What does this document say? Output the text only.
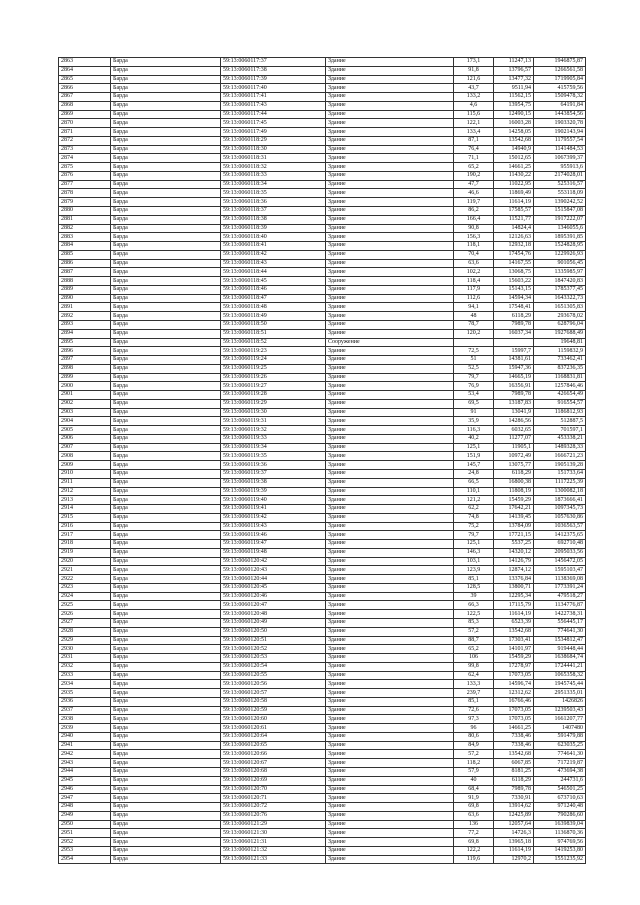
2863	Барда	59:13:0060117:37	Здание	173,1	11247,13	1946875,87
2864	Барда	59:13:0060117:38	Здание	91,8	13796,57	1266561,58
2865	Барда	59:13:0060117:39	Здание	121,6	13477,32	1719905,84
2866	Барда	59:13:0060117:40	Здание	43,7	9511,94	415759,56
2867	Барда	59:13:0060117:41	Здание	133,2	11562,15	1509478,32
2868	Барда	59:13:0060117:43	Здание	4,6	13954,75	64191,84
2869	Барда	59:13:0060117:44	Здание	115,6	12490,15	1443854,56
2870	Барда	59:13:0060117:45	Здание	122,1	16003,28	1903320,78
2871	Барда	59:13:0060117:49	Здание	133,4	14258,05	1902143,94
2872	Барда	59:13:0060118:29	Здание	87,1	13542,68	1179557,54
2873	Барда	59:13:0060118:30	Здание	76,4	14940,9	1141484,53
2874	Барда	59:13:0060118:31	Здание	71,1	15012,65	1067399,37
2875	Барда	59:13:0060118:32	Здание	65,2	14661,25	955913,6
2876	Барда	59:13:0060118:33	Здание	190,2	11430,22	2174028,01
2877	Барда	59:13:0060118:34	Здание	47,7	11022,95	525316,57
2878	Барда	59:13:0060118:35	Здание	46,6	11869,49	553118,09
2879	Барда	59:13:0060118:36	Здание	119,7	11614,19	1390242,52
2880	Барда	59:13:0060118:37	Здание	86,2	17585,57	1515847,08
2881	Барда	59:13:0060118:38	Здание	166,4	11521,77	1917222,07
2882	Барда	59:13:0060118:39	Здание	90,8	14824,4	1346055,6
2883	Барда	59:13:0060118:40	Здание	156,3	12126,63	1895391,85
2884	Барда	59:13:0060118:41	Здание	118,1	12932,18	1524828,95
2885	Барда	59:13:0060118:42	Здание	70,4	17454,76	1229926,93
2886	Барда	59:13:0060118:43	Здание	63,6	14167,55	901056,45
2887	Барда	59:13:0060118:44	Здание	102,2	13068,75	1335985,97
2888	Барда	59:13:0060118:45	Здание	118,4	15603,22	1847420,83
2889	Барда	59:13:0060118:46	Здание	117,9	15143,15	1785377,45
2890	Барда	59:13:0060118:47	Здание	112,6	14594,34	1643322,73
2891	Барда	59:13:0060118:48	Здание	94,1	17548,41	1651305,83
2892	Барда	59:13:0060118:49	Здание	48	6118,29	293678,02
2893	Барда	59:13:0060118:50	Здание	78,7	7989,78	628796,04
2894	Барда	59:13:0060118:51	Здание	120,2	16037,34	1927688,49
2895	Барда	59:13:0060118:52	Сооружение			19648,81
2896	Барда	59:13:0060119:23	Здание	72,5	15997,7	1159832,9
2897	Барда	59:13:0060119:24	Здание	51	14381,61	733462,41
2898	Барда	59:13:0060119:25	Здание	52,5	15947,36	837236,35
2899	Барда	59:13:0060119:26	Здание	79,7	14665,19	1168831,81
2900	Барда	59:13:0060119:27	Здание	76,9	16356,91	1257846,46
2901	Барда	59:13:0060119:28	Здание	53,4	7989,78	426654,49
2902	Барда	59:13:0060119:29	Здание	69,5	13187,83	916554,57
2903	Барда	59:13:0060119:30	Здание	91	13041,9	1186812,93
2904	Барда	59:13:0060119:31	Здание	35,9	14286,56	512887,5
2905	Барда	59:13:0060119:32	Здание	116,3	6032,65	701597,1
2906	Барда	59:13:0060119:33	Здание	40,2	11277,07	453338,21
2907	Барда	59:13:0060119:34	Здание	125,1	11905,1	1489328,33
2908	Барда	59:13:0060119:35	Здание	151,9	10972,49	1666721,23
2909	Барда	59:13:0060119:36	Здание	145,7	13075,77	1905139,28
2910	Барда	59:13:0060119:37	Здание	24,8	6118,29	151733,64
2911	Барда	59:13:0060119:38	Здание	66,5	16800,38	1117225,39
2912	Барда	59:13:0060119:39	Здание	110,1	11808,19	1300082,18
2913	Барда	59:13:0060119:40	Здание	121,2	15459,29	1873666,41
2914	Барда	59:13:0060119:41	Здание	62,2	17642,21	1097345,73
2915	Барда	59:13:0060119:42	Здание	74,8	14139,45	1057630,86
2916	Барда	59:13:0060119:43	Здание	75,2	13784,09	1036563,57
2917	Барда	59:13:0060119:46	Здание	79,7	17721,15	1412375,65
2918	Барда	59:13:0060119:47	Здание	125,1	5537,25	692710,48
2919	Барда	59:13:0060119:48	Здание	146,3	14320,12	2095033,56
2920	Барда	59:13:0060120:42	Здание	103,1	14126,79	1456472,05
2921	Барда	59:13:0060120:43	Здание	123,9	12874,12	1595103,47
2922	Барда	59:13:0060120:44	Здание	85,1	13376,84	1138369,08
2923	Барда	59:13:0060120:45	Здание	128,5	13800,71	1773391,24
2924	Барда	59:13:0060120:46	Здание	39	12295,34	479518,27
2925	Барда	59:13:0060120:47	Здание	66,3	17115,79	1134776,87
2926	Барда	59:13:0060120:48	Здание	122,5	11614,19	1422738,31
2927	Барда	59:13:0060120:49	Здание	85,3	6523,39	556445,17
2928	Барда	59:13:0060120:50	Здание	57,2	13542,68	774641,30
2929	Барда	59:13:0060120:51	Здание	88,7	17303,41	1534812,47
2930	Барда	59:13:0060120:52	Здание	65,2	14101,97	919448,44
2931	Барда	59:13:0060120:53	Здание	106	15459,29	1638684,74
2932	Барда	59:13:0060120:54	Здание	99,8	17278,97	1724441,21
2933	Барда	59:13:0060120:55	Здание	62,4	17073,05	1065358,32
2934	Барда	59:13:0060120:56	Здание	133,3	14596,74	1945745,44
2935	Барда	59:13:0060120:57	Здание	239,7	12312,62	2951335,01
2936	Барда	59:13:0060120:58	Здание	85,1	16766,46	1426826
2937	Барда	59:13:0060120:59	Здание	72,6	17073,05	1239503,43
2938	Барда	59:13:0060120:60	Здание	97,3	17073,05	1661207,77
2939	Барда	59:13:0060120:61	Здание	96	14661,25	1407480
2940	Барда	59:13:0060120:64	Здание	80,6	7338,46	591479,88
2941	Барда	59:13:0060120:65	Здание	84,9	7338,46	623035,25
2942	Барда	59:13:0060120:66	Здание	57,2	13542,68	774641,30
2943	Барда	59:13:0060120:67	Здание	118,2	6067,85	717219,87
2944	Барда	59:13:0060120:68	Здание	57,9	8181,25	473694,38
2945	Барда	59:13:0060120:69	Здание	40	6118,29	244731,6
2946	Барда	59:13:0060120:70	Здание	68,4	7989,78	546501,25
2947	Барда	59:13:0060120:71	Здание	91,9	7330,91	673710,63
2948	Барда	59:13:0060120:72	Здание	69,8	13914,62	971240,48
2949	Барда	59:13:0060120:76	Здание	63,6	12425,89	790286,60
2950	Барда	59:13:0060121:29	Здание	136	12057,64	1639839,04
2951	Барда	59:13:0060121:30	Здание	77,2	14726,3	1136870,36
2952	Барда	59:13:0060121:31	Здание	69,8	13965,18	974769,56
2953	Барда	59:13:0060121:32	Здание	122,2	11614,19	1419253,80
2954	Барда	59:13:0060121:33	Здание	119,6	12970,2	1551235,92
